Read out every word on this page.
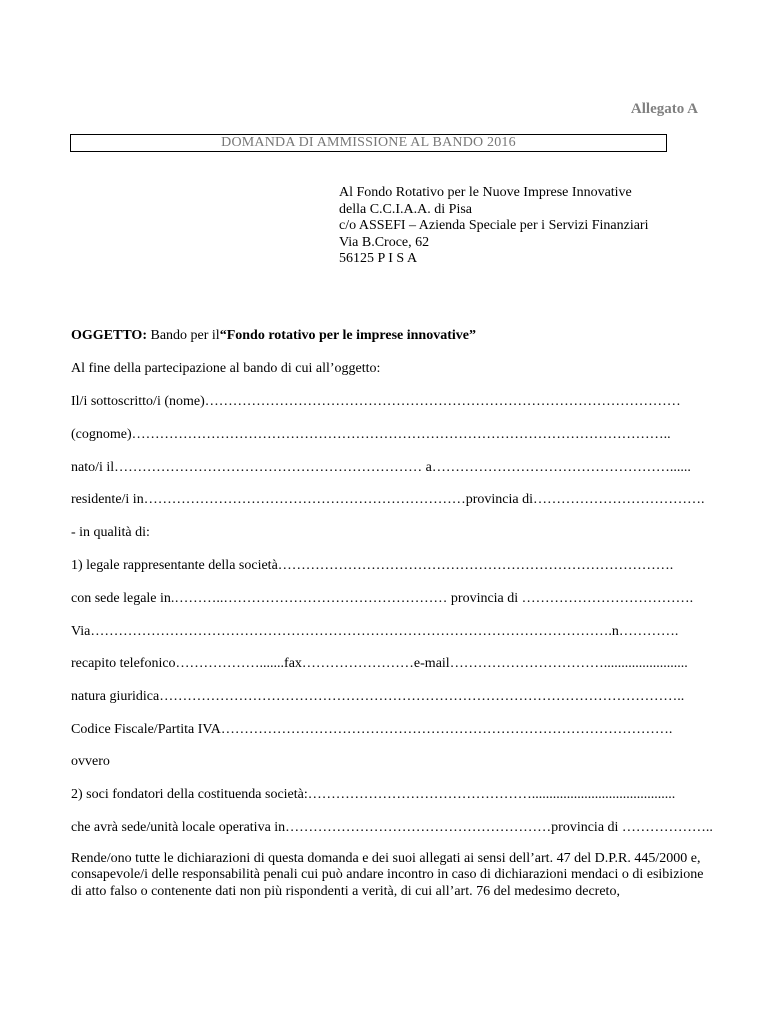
Allegato A
DOMANDA DI AMMISSIONE AL BANDO 2016
Al Fondo Rotativo per le Nuove Imprese Innovative
della C.C.I.A.A. di Pisa
c/o ASSEFI – Azienda Speciale per i Servizi Finanziari
Via B.Croce, 62
56125 P I S A
OGGETTO: Bando per il“Fondo rotativo per le imprese innovative”
Al fine della partecipazione al bando di cui all’oggetto:
Il/i sottoscritto/i (nome)…………………………………………………………………………………………
(cognome)……………………………………………………………………………………………………..
nato/i il………………………………………………………… a……………………………………………......
residente/i in……………………………………………………………provincia di……………………………….
- in qualità di:
1) legale rappresentante della società………………………………………………………………………….
con sede legale in.………..………………………………………… provincia di ……………………………….
Via………………………………………………………………………………………………….n………….
recapito telefonico……………….......fax……………………e-mail……………………………........................
natura giuridica…………………………………………………………………………………………………..
Codice Fiscale/Partita IVA…………………………………………………………………………………….
ovvero
2) soci fondatori della costituenda società:………………………………………….........................................
che avrà sede/unità locale operativa in…………………………………………………provincia di ………………..
Rende/ono tutte le dichiarazioni di questa domanda e dei suoi allegati ai sensi dell’art. 47 del D.P.R. 445/2000 e,
consapevole/i delle responsabilità penali cui può andare incontro in caso di dichiarazioni mendaci o di esibizione
di atto falso o contenente dati non più rispondenti a verità, di cui all’art. 76 del medesimo decreto,
